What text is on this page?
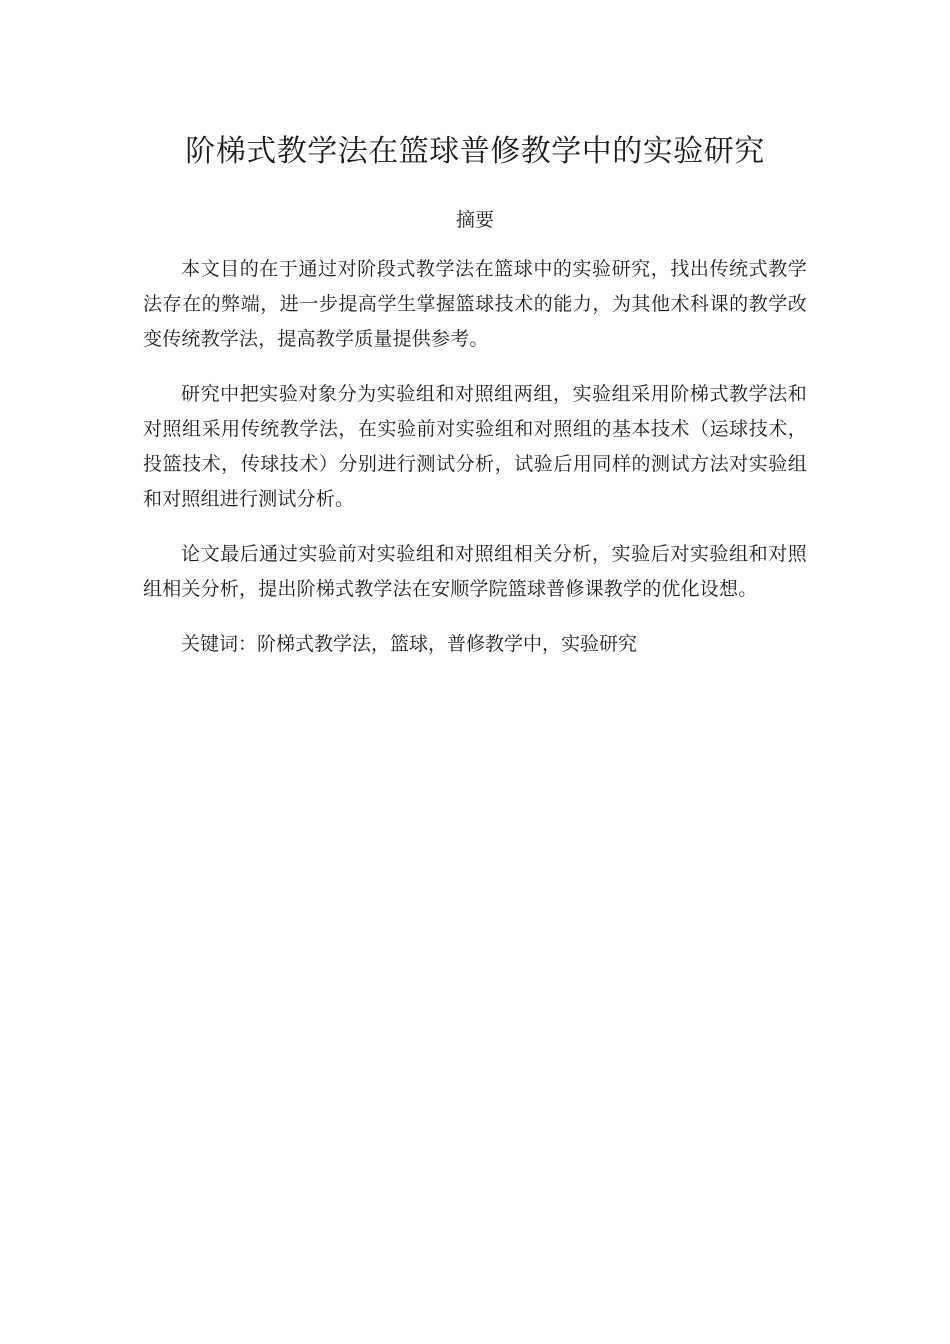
阶梯式教学法在篮球普修教学中的实验研究
摘要

本文目的在于通过对阶段式教学法在篮球中的实验研究，找出传统式教学法存在的弊端，进一步提高学生掌握篮球技术的能力，为其他术科课的教学改变传统教学法，提高教学质量提供参考。

研究中把实验对象分为实验组和对照组两组，实验组采用阶梯式教学法和对照组采用传统教学法，在实验前对实验组和对照组的基本技术（运球技术，投篮技术，传球技术）分别进行测试分析，试验后用同样的测试方法对实验组和对照组进行测试分析。

论文最后通过实验前对实验组和对照组相关分析，实验后对实验组和对照组相关分析，提出阶梯式教学法在安顺学院篮球普修课教学的优化设想。

关键词：阶梯式教学法，篮球，普修教学中，实验研究
